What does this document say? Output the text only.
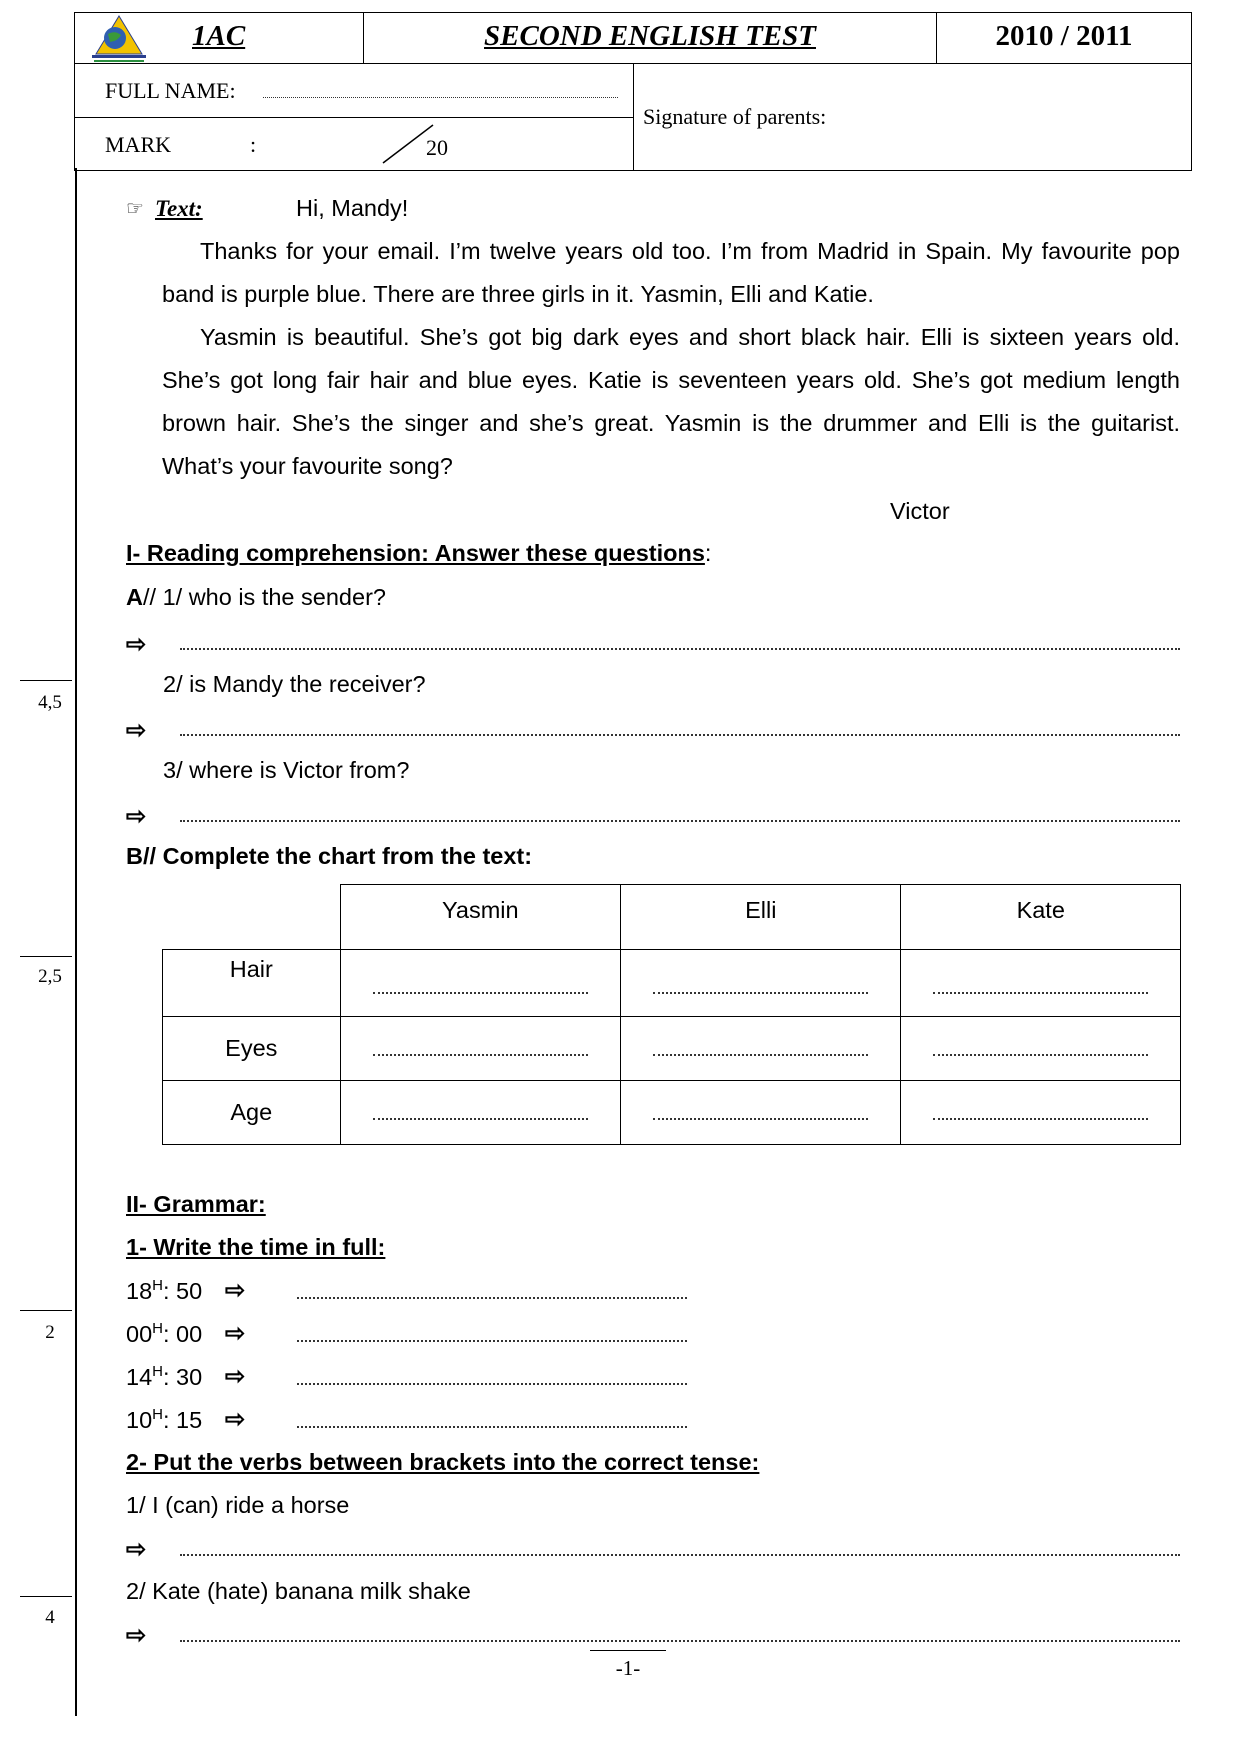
1AC	SECOND ENGLISH TEST	2010 / 2011
FULL NAME:
MARK	:	20
Signature of parents:
4,5
2,5
2
4
☞ Text:	Hi, Mandy!
Thanks for your email. I’m twelve years old too. I’m from Madrid in Spain. My favourite pop band is purple blue. There are three girls in it. Yasmin, Elli and Katie.
Yasmin is beautiful. She’s got big dark eyes and short black hair. Elli is sixteen years old. She’s got long fair hair and blue eyes. Katie is seventeen years old. She’s got medium length brown hair. She’s the singer and she’s great. Yasmin is the drummer and Elli is the guitarist. What’s your favourite song?
Victor
I- Reading comprehension: Answer these questions:
A// 1/ who is the sender?
⇨
2/ is Mandy the receiver?
⇨
3/ where is Victor from?
⇨
B// Complete the chart from the text:
	Yasmin	Elli	Kate
Hair			
Eyes			
Age			
II- Grammar:
1- Write the time in full:
$18^H$: 50 ⇨
$00^H$: 00 ⇨
$14^H$: 30 ⇨
$10^H$: 15 ⇨
2- Put the verbs between brackets into the correct tense:
1/ I (can) ride a horse
⇨
2/ Kate (hate) banana milk shake
⇨
-1-
